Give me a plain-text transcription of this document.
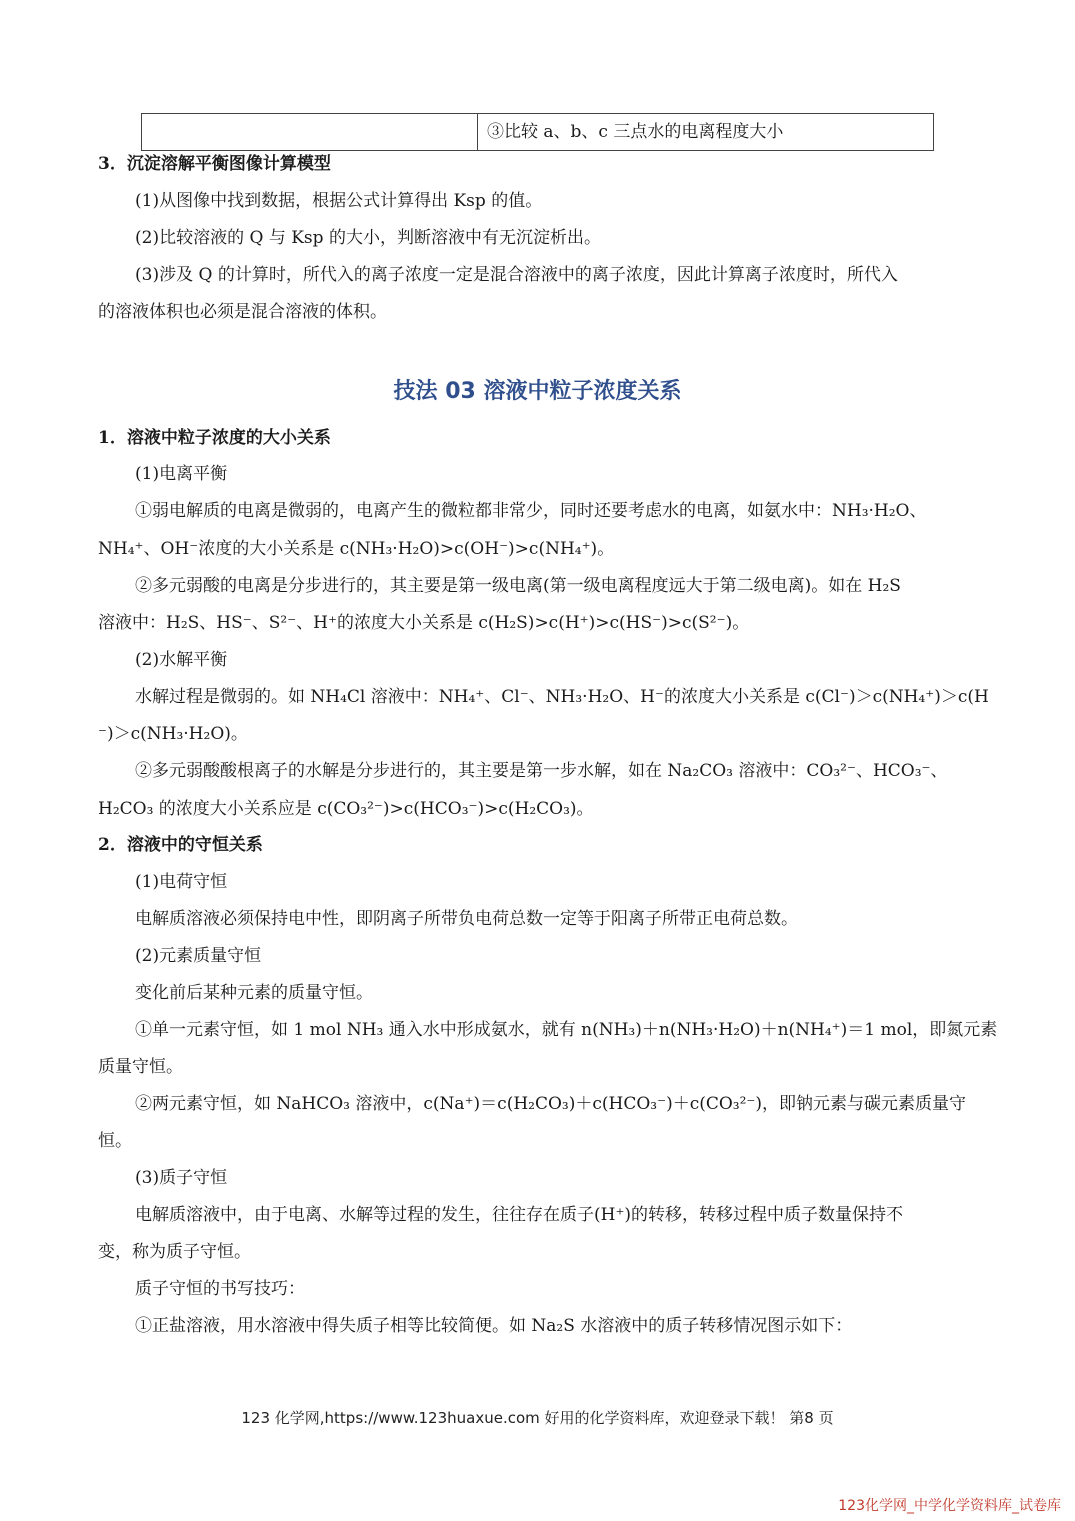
③比较 a、b、c 三点水的电离程度大小
3．沉淀溶解平衡图像计算模型
(1)从图像中找到数据，根据公式计算得出 Ksp 的值。
(2)比较溶液的 Q 与 Ksp 的大小，判断溶液中有无沉淀析出。
(3)涉及 Q 的计算时，所代入的离子浓度一定是混合溶液中的离子浓度，因此计算离子浓度时，所代入
的溶液体积也必须是混合溶液的体积。
技法 03 溶液中粒子浓度关系
1．溶液中粒子浓度的大小关系
(1)电离平衡
①弱电解质的电离是微弱的，电离产生的微粒都非常少，同时还要考虑水的电离，如氨水中：NH₃·H₂O、
NH₄⁺、OH⁻浓度的大小关系是 c(NH₃·H₂O)>c(OH⁻)>c(NH₄⁺)。
②多元弱酸的电离是分步进行的，其主要是第一级电离(第一级电离程度远大于第二级电离)。如在 H₂S
溶液中：H₂S、HS⁻、S²⁻、H⁺的浓度大小关系是 c(H₂S)>c(H⁺)>c(HS⁻)>c(S²⁻)。
(2)水解平衡
水解过程是微弱的。如 NH₄Cl 溶液中：NH₄⁺、Cl⁻、NH₃·H₂O、H⁻的浓度大小关系是 c(Cl⁻)＞c(NH₄⁺)＞c(H
⁻)＞c(NH₃·H₂O)。
②多元弱酸酸根离子的水解是分步进行的，其主要是第一步水解，如在 Na₂CO₃ 溶液中：CO₃²⁻、HCO₃⁻、
H₂CO₃ 的浓度大小关系应是 c(CO₃²⁻)>c(HCO₃⁻)>c(H₂CO₃)。
2．溶液中的守恒关系
(1)电荷守恒
电解质溶液必须保持电中性，即阴离子所带负电荷总数一定等于阳离子所带正电荷总数。
(2)元素质量守恒
变化前后某种元素的质量守恒。
①单一元素守恒，如 1 mol NH₃ 通入水中形成氨水，就有 n(NH₃)＋n(NH₃·H₂O)＋n(NH₄⁺)＝1 mol，即氮元素
质量守恒。
②两元素守恒，如 NaHCO₃ 溶液中，c(Na⁺)＝c(H₂CO₃)＋c(HCO₃⁻)＋c(CO₃²⁻)，即钠元素与碳元素质量守
恒。
(3)质子守恒
电解质溶液中，由于电离、水解等过程的发生，往往存在质子(H⁺)的转移，转移过程中质子数量保持不
变，称为质子守恒。
质子守恒的书写技巧：
①正盐溶液，用水溶液中得失质子相等比较简便。如 Na₂S 水溶液中的质子转移情况图示如下：
123 化学网,https://www.123huaxue.com 好用的化学资料库，欢迎登录下载！ 第8 页
123化学网_中学化学资料库_试卷库
